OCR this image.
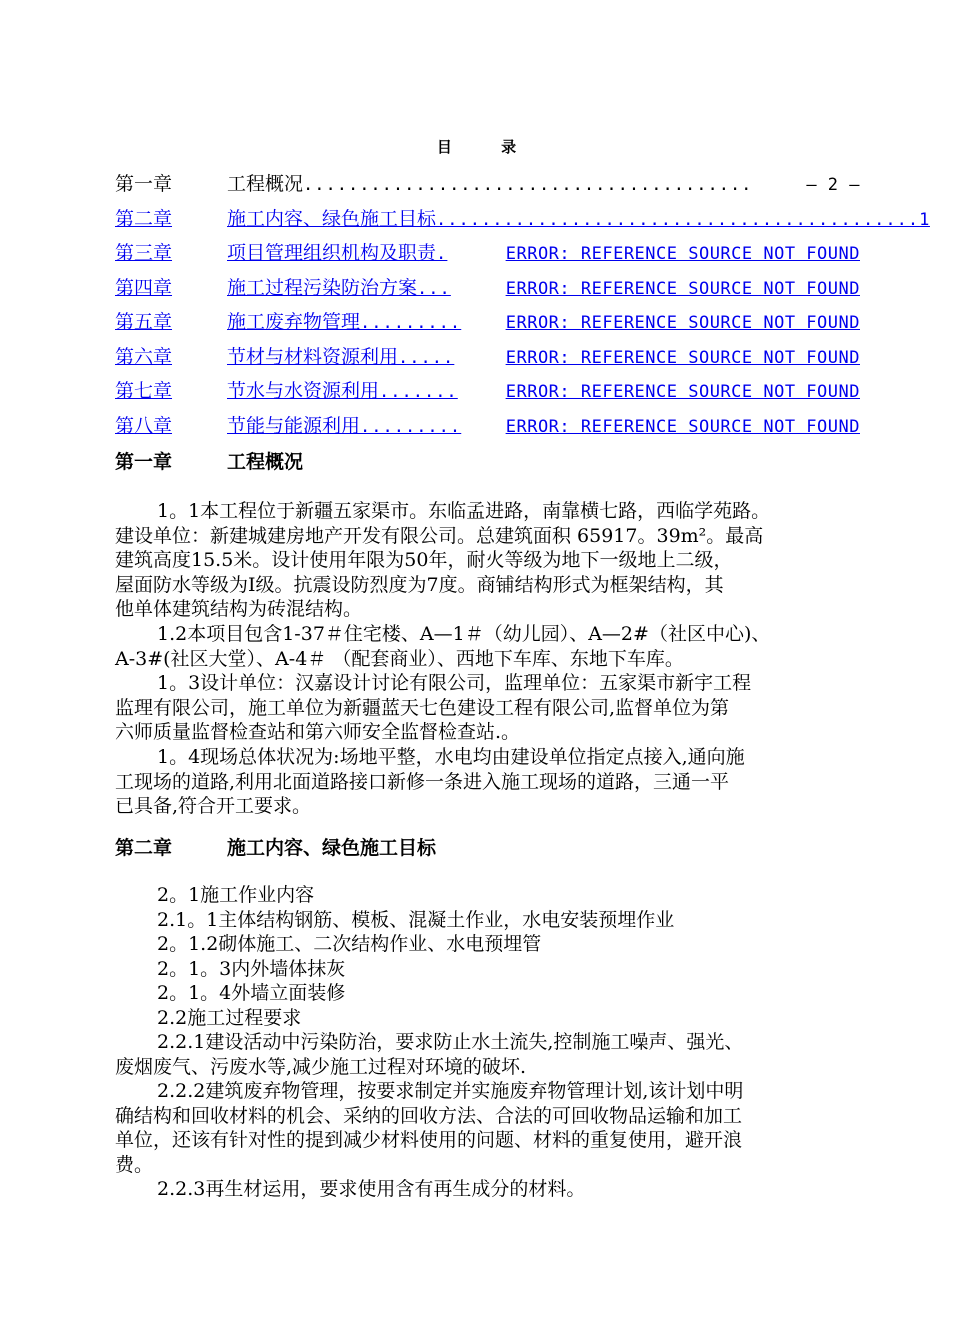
目 录
第一章	工程概况 ........................................	— 2 —
第二章	施工内容、绿色施工目标 ........................................... 1
第三章	项目管理组织机构及职责 .	ERROR: REFERENCE SOURCE NOT FOUND
第四章	施工过程污染防治方案 ...	ERROR: REFERENCE SOURCE NOT FOUND
第五章	施工废弃物管理 .........	ERROR: REFERENCE SOURCE NOT FOUND
第六章	节材与材料资源利用 .....	ERROR: REFERENCE SOURCE NOT FOUND
第七章	节水与水资源利用 .......	ERROR: REFERENCE SOURCE NOT FOUND
第八章	节能与能源利用 .........	ERROR: REFERENCE SOURCE NOT FOUND
第一章	工程概况
1。1本工程位于新疆五家渠市。东临孟进路，南靠横七路，西临学苑路。
建设单位：新建城建房地产开发有限公司。总建筑面积 65917。39m²。最高
建筑高度15.5米。设计使用年限为50年，耐火等级为地下一级地上二级，
屋面防水等级为Ⅰ级。抗震设防烈度为7度。商铺结构形式为框架结构，其
他单体建筑结构为砖混结构。
1.2本项目包含1-37＃住宅楼、A—1＃（幼儿园）、A—2#（社区中心)、
A-3#(社区大堂）、A-4＃ （配套商业）、西地下车库、东地下车库。
1。3设计单位：汉嘉设计讨论有限公司，监理单位：五家渠市新宇工程
监理有限公司，施工单位为新疆蓝天七色建设工程有限公司,监督单位为第
六师质量监督检查站和第六师安全监督检查站.。
1。4现场总体状况为:场地平整，水电均由建设单位指定点接入,通向施
工现场的道路,利用北面道路接口新修一条进入施工现场的道路，三通一平
已具备,符合开工要求。
第二章	施工内容、绿色施工目标
2。1施工作业内容
2.1。1主体结构钢筋、模板、混凝土作业，水电安装预埋作业
2。1.2砌体施工、二次结构作业、水电预埋管
2。1。3内外墙体抹灰
2。1。4外墙立面装修
2.2施工过程要求
2.2.1建设活动中污染防治，要求防止水土流失,控制施工噪声、强光、
废烟废气、污废水等,减少施工过程对环境的破坏.
2.2.2建筑废弃物管理，按要求制定并实施废弃物管理计划,该计划中明
确结构和回收材料的机会、采纳的回收方法、合法的可回收物品运输和加工
单位，还该有针对性的提到减少材料使用的问题、材料的重复使用，避开浪
费。
2.2.3再生材运用，要求使用含有再生成分的材料。
